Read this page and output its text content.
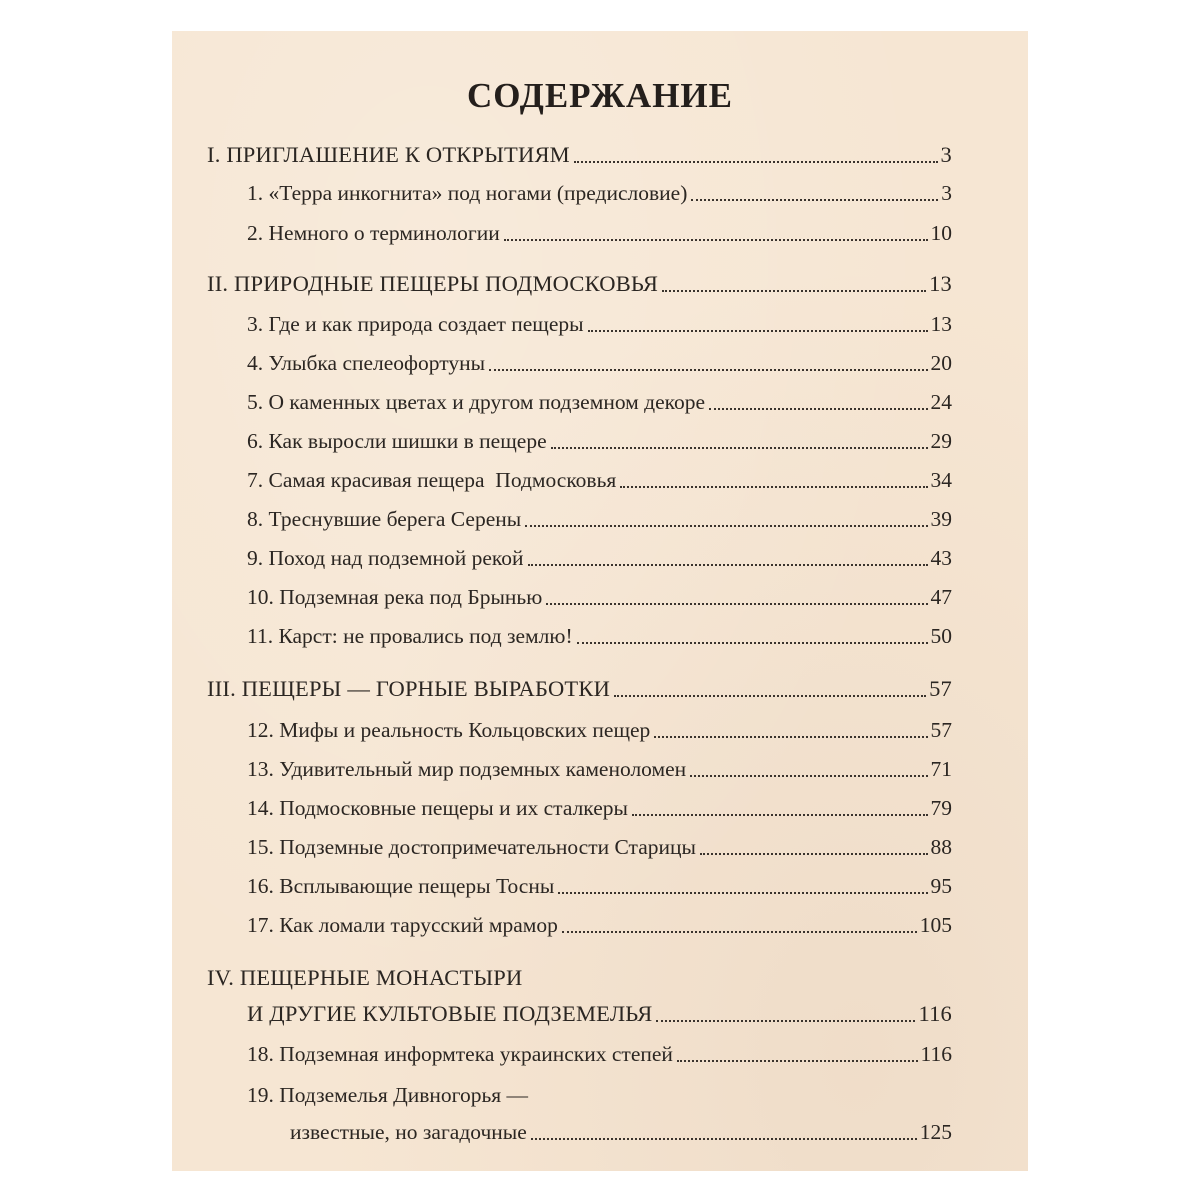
СОДЕРЖАНИЕ
I. ПРИГЛАШЕНИЕ К ОТКРЫТИЯМ	3
1. «Терра инкогнита» под ногами (предисловие)	3
2. Немного о терминологии	10
II. ПРИРОДНЫЕ ПЕЩЕРЫ ПОДМОСКОВЬЯ	13
3. Где и как природа создает пещеры	13
4. Улыбка спелеофортуны	20
5. О каменных цветах и другом подземном декоре	24
6. Как выросли шишки в пещере	29
7. Самая красивая пещера  Подмосковья	34
8. Треснувшие берега Серены	39
9. Поход над подземной рекой	43
10. Подземная река под Брынью	47
11. Карст: не провались под землю!	50
III. ПЕЩЕРЫ — ГОРНЫЕ ВЫРАБОТКИ	57
12. Мифы и реальность Кольцовских пещер	57
13. Удивительный мир подземных каменоломен	71
14. Подмосковные пещеры и их сталкеры	79
15. Подземные достопримечательности Старицы	88
16. Всплывающие пещеры Тосны	95
17. Как ломали тарусский мрамор	105
IV. ПЕЩЕРНЫЕ МОНАСТЫРИ
И ДРУГИЕ КУЛЬТОВЫЕ ПОДЗЕМЕЛЬЯ	116
18. Подземная информтека украинских степей	116
19. Подземелья Дивногорья —
известные, но загадочные	125
